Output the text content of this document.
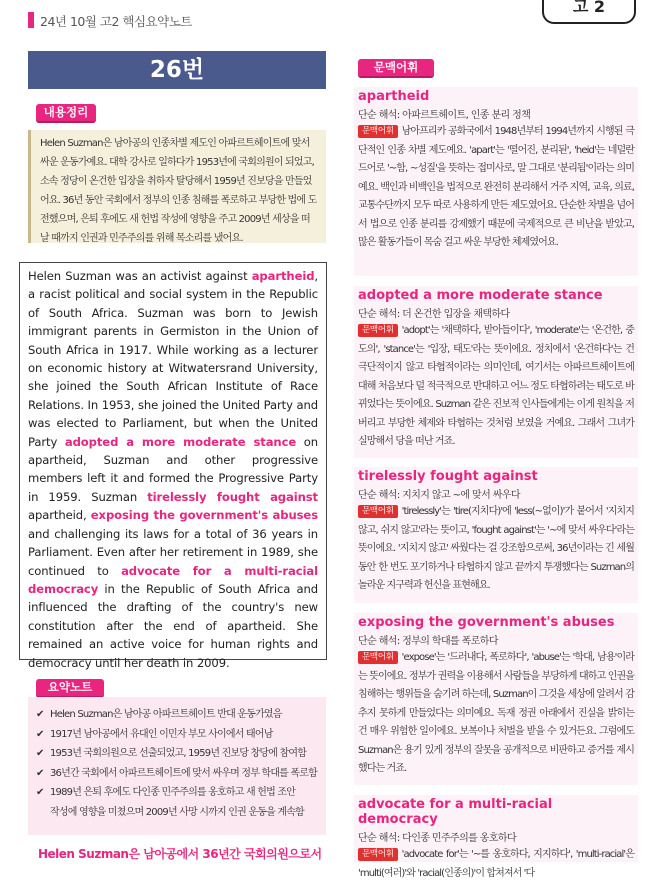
24년 10월 고2 핵심요약노트
고 2
26번
내용정리
Helen Suzman은 남아공의 인종차별 제도인 아파르트헤이트에 맞서 싸운 운동가예요. 대학 강사로 일하다가 1953년에 국회의원이 되었고, 소속 정당이 온건한 입장을 취하자 탈당해서 1959년 진보당을 만들었어요. 36년 동안 국회에서 정부의 인종 침해를 폭로하고 부당한 법에 도전했으며, 은퇴 후에도 새 헌법 작성에 영향을 주고 2009년 세상을 떠날 때까지 인권과 민주주의를 위해 목소리를 냈어요.
Helen Suzman was an activist against apartheid, a racist political and social system in the Republic of South Africa. Suzman was born to Jewish immigrant parents in Germiston in the Union of South Africa in 1917. While working as a lecturer on economic history at Witwatersrand University, she joined the South African Institute of Race Relations. In 1953, she joined the United Party and was elected to Parliament, but when the United Party adopted a more moderate stance on apartheid, Suzman and other progressive members left it and formed the Progressive Party in 1959. Suzman tirelessly fought against apartheid, exposing the government's abuses and challenging its laws for a total of 36 years in Parliament. Even after her retirement in 1989, she continued to advocate for a multi-racial democracy in the Republic of South Africa and influenced the drafting of the country's new constitution after the end of apartheid. She remained an active voice for human rights and democracy until her death in 2009.
요약노트
✔ Helen Suzman은 남아공 아파르트헤이트 반대 운동가였음
✔ 1917년 남아공에서 유대인 이민자 부모 사이에서 태어남
✔ 1953년 국회의원으로 선출되었고, 1959년 진보당 창당에 참여함
✔ 36년간 국회에서 아파르트헤이트에 맞서 싸우며 정부 학대를 폭로함
✔ 1989년 은퇴 후에도 다인종 민주주의를 옹호하고 새 헌법 조안
작성에 영향을 미쳤으며 2009년 사망 시까지 인권 운동을 계속함
Helen Suzman은 남아공에서 36년간 국회의원으로서
문맥어휘
apartheid
단순 해석: 아파르트헤이트, 인종 분리 정책
문맥어휘 남아프리카 공화국에서 1948년부터 1994년까지 시행된 극단적인 인종 차별 제도예요. 'apart'는 '떨어진, 분리된', 'heid'는 네덜란드어로 '~함, ~성질'을 뜻하는 접미사로, 말 그대로 '분리됨'이라는 의미예요. 백인과 비백인을 법적으로 완전히 분리해서 거주 지역, 교육, 의료, 교통수단까지 모두 따로 사용하게 만든 제도였어요. 단순한 차별을 넘어서 법으로 인종 분리를 강제했기 때문에 국제적으로 큰 비난을 받았고, 많은 활동가들이 목숨 걸고 싸운 부당한 체제였어요.
adopted a more moderate stance
단순 해석: 더 온건한 입장을 채택하다
문맥어휘 'adopt'는 '채택하다, 받아들이다', 'moderate'는 '온건한, 중도의', 'stance'는 '입장, 태도'라는 뜻이에요. 정치에서 '온건하다'는 건 극단적이지 않고 타협적이라는 의미인데, 여기서는 아파르트헤이트에 대해 처음보다 덜 적극적으로 반대하고 어느 정도 타협하려는 태도로 바뀌었다는 뜻이에요. Suzman 같은 진보적 인사들에게는 이게 원칙을 저버리고 부당한 체제와 타협하는 것처럼 보였을 거예요. 그래서 그녀가 실망해서 당을 떠난 거죠.
tirelessly fought against
단순 해석: 지치지 않고 ~에 맞서 싸우다
문맥어휘 'tirelessly'는 'tire(지치다)'에 'less(~없이)'가 붙어서 '지치지 않고, 쉬지 않고'라는 뜻이고, 'fought against'는 '~에 맞서 싸우다'라는 뜻이에요. '지치지 않고' 싸웠다는 걸 강조함으로써, 36년이라는 긴 세월 동안 한 번도 포기하거나 타협하지 않고 끝까지 투쟁했다는 Suzman의 놀라운 지구력과 헌신을 표현해요.
exposing the government's abuses
단순 해석: 정부의 학대를 폭로하다
문맥어휘 'expose'는 '드러내다, 폭로하다', 'abuse'는 '학대, 남용'이라는 뜻이에요. 정부가 권력을 이용해서 사람들을 부당하게 대하고 인권을 침해하는 행위들을 숨기려 하는데, Suzman이 그것을 세상에 알려서 감추지 못하게 만들었다는 의미예요. 독재 정권 아래에서 진실을 밝히는 건 매우 위험한 일이에요. 보복이나 처벌을 받을 수 있거든요. 그럼에도 Suzman은 용기 있게 정부의 잘못을 공개적으로 비판하고 증거를 제시했다는 거죠.
advocate for a multi-racial democracy
단순 해석: 다인종 민주주의를 옹호하다
문맥어휘 'advocate for'는 '~를 옹호하다, 지지하다', 'multi-racial'은 'multi(여러)'와 'racial(인종의)'이 합쳐져서 '다
